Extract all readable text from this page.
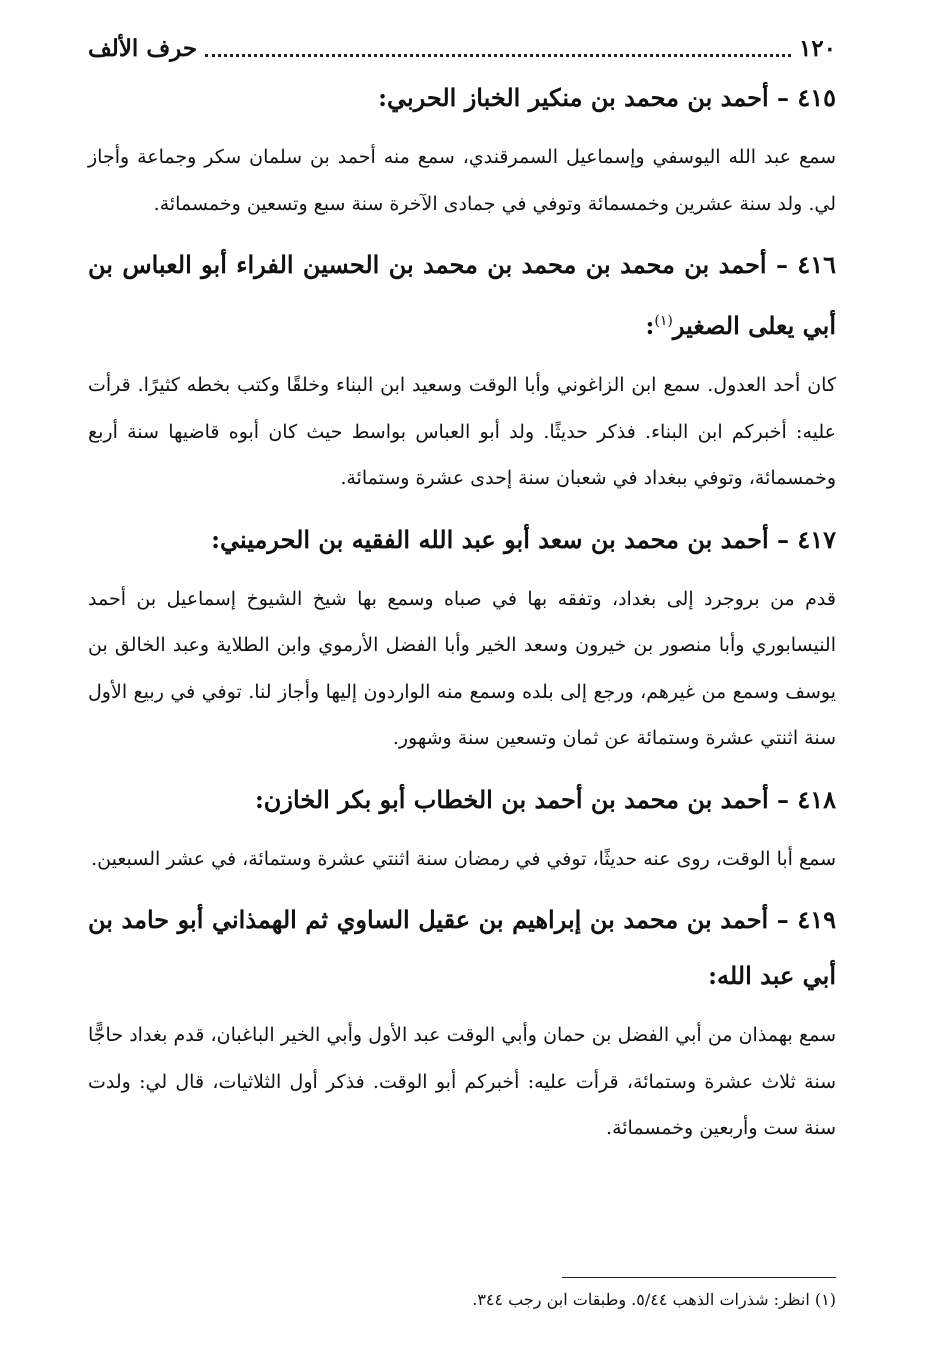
١٢٠
حرف الألف

٤١٥ – أحمد بن محمد بن منكير الخباز الحربي:

سمع عبد الله اليوسفي وإسماعيل السمرقندي، سمع منه أحمد بن سلمان سكر وجماعة وأجاز لي. ولد سنة عشرين وخمسمائة وتوفي في جمادى الآخرة سنة سبع وتسعين وخمسمائة.

٤١٦ – أحمد بن محمد بن محمد بن محمد بن الحسين الفراء أبو العباس بن أبي يعلى الصغير$^{(١)}$:

كان أحد العدول. سمع ابن الزاغوني وأبا الوقت وسعيد ابن البناء وخلقًا وكتب بخطه كثيرًا. قرأت عليه: أخبركم ابن البناء. فذكر حديثًا. ولد أبو العباس بواسط حيث كان أبوه قاضيها سنة أربع وخمسمائة، وتوفي ببغداد في شعبان سنة إحدى عشرة وستمائة.

٤١٧ – أحمد بن محمد بن سعد أبو عبد الله الفقيه بن الحرميني:

قدم من بروجرد إلى بغداد، وتفقه بها في صباه وسمع بها شيخ الشيوخ إسماعيل بن أحمد النيسابوري وأبا منصور بن خيرون وسعد الخير وأبا الفضل الأرموي وابن الطلاية وعبد الخالق بن يوسف وسمع من غيرهم، ورجع إلى بلده وسمع منه الواردون إليها وأجاز لنا. توفي في ربيع الأول سنة اثنتي عشرة وستمائة عن ثمان وتسعين سنة وشهور.

٤١٨ – أحمد بن محمد بن أحمد بن الخطاب أبو بكر الخازن:

سمع أبا الوقت، روى عنه حديثًا، توفي في رمضان سنة اثنتي عشرة وستمائة، في عشر السبعين.

٤١٩ – أحمد بن محمد بن إبراهيم بن عقيل الساوي ثم الهمذاني أبو حامد بن أبي عبد الله:

سمع بهمذان من أبي الفضل بن حمان وأبي الوقت عبد الأول وأبي الخير الباغبان، قدم بغداد حاجًّا سنة ثلاث عشرة وستمائة، قرأت عليه: أخبركم أبو الوقت. فذكر أول الثلاثيات، قال لي: ولدت سنة ست وأربعين وخمسمائة.

(١) انظر: شذرات الذهب ٥/٤٤. وطبقات ابن رجب ٣٤٤.
